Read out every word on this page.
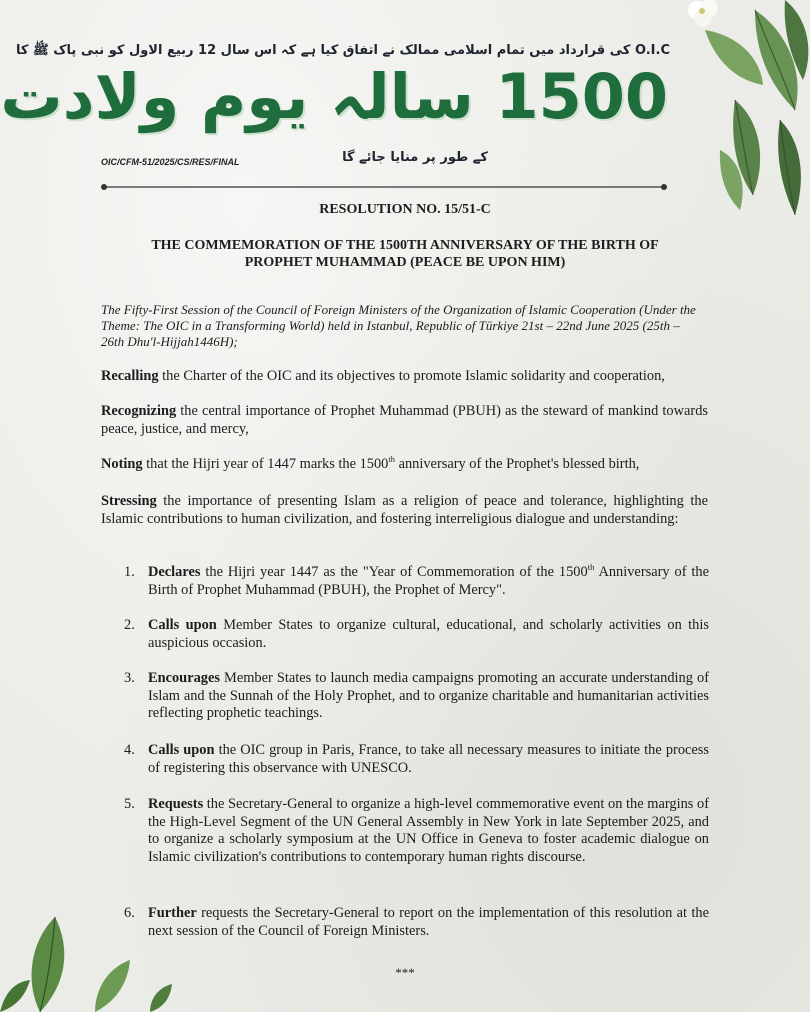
O.I.C کی قرارداد میں تمام اسلامی ممالک نے اتفاق کیا ہے کہ اس سال 12 ربیع الاول کو نبی پاک ﷺ کا
1500 سالہ یوم ولادت
OIC/CFM-51/2025/CS/RES/FINAL	کے طور پر منایا جائے گا
RESOLUTION NO. 15/51-C
THE COMMEMORATION OF THE 1500TH ANNIVERSARY OF THE BIRTH OF
PROPHET MUHAMMAD (PEACE BE UPON HIM)
The Fifty-First Session of the Council of Foreign Ministers of the Organization of Islamic Cooperation (Under the Theme: The OIC in a Transforming World) held in Istanbul, Republic of Türkiye 21st – 22nd June 2025 (25th – 26th Dhu'l-Hijjah1446H);
Recalling the Charter of the OIC and its objectives to promote Islamic solidarity and cooperation,
Recognizing the central importance of Prophet Muhammad (PBUH) as the steward of mankind towards peace, justice, and mercy,
Noting that the Hijri year of 1447 marks the 1500th anniversary of the Prophet's blessed birth,
Stressing the importance of presenting Islam as a religion of peace and tolerance, highlighting the Islamic contributions to human civilization, and fostering interreligious dialogue and understanding:
1. Declares the Hijri year 1447 as the "Year of Commemoration of the 1500th Anniversary of the Birth of Prophet Muhammad (PBUH), the Prophet of Mercy".
2. Calls upon Member States to organize cultural, educational, and scholarly activities on this auspicious occasion.
3. Encourages Member States to launch media campaigns promoting an accurate understanding of Islam and the Sunnah of the Holy Prophet, and to organize charitable and humanitarian activities reflecting prophetic teachings.
4. Calls upon the OIC group in Paris, France, to take all necessary measures to initiate the process of registering this observance with UNESCO.
5. Requests the Secretary-General to organize a high-level commemorative event on the margins of the High-Level Segment of the UN General Assembly in New York in late September 2025, and to organize a scholarly symposium at the UN Office in Geneva to foster academic dialogue on Islamic civilization's contributions to contemporary human rights discourse.
6. Further requests the Secretary-General to report on the implementation of this resolution at the next session of the Council of Foreign Ministers.
***
